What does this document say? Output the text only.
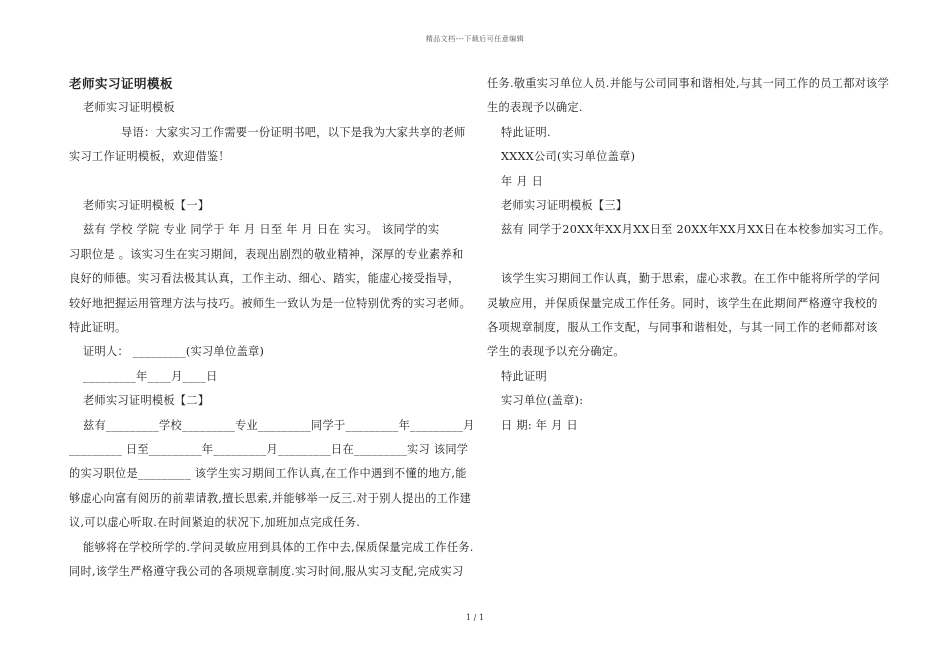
精品文档---下载后可任意编辑

老师实习证明模板

老师实习证明模板

导语：大家实习工作需要一份证明书吧，以下是我为大家共享的老师

实习工作证明模板，欢迎借鉴！

老师实习证明模板【一】

兹有 学校 学院 专业 同学于 年 月 日至 年 月 日在 实习。 该同学的实

习职位是 。该实习生在实习期间，表现出剧烈的敬业精神，深厚的专业素养和

良好的师德。实习看法极其认真，工作主动、细心、踏实，能虚心接受指导，

较好地把握运用管理方法与技巧。被师生一致认为是一位特别优秀的实习老师。

特此证明。

证明人： _________(实习单位盖章)

_________年____月____日

老师实习证明模板【二】

兹有_________学校_________专业_________同学于_________年_________月

_________ 日至_________年_________月_________日在_________实习 该同学

的实习职位是_________ 该学生实习期间工作认真,在工作中遇到不懂的地方,能

够虚心向富有阅历的前辈请教,擅长思索,并能够举一反三.对于别人提出的工作建

议,可以虚心听取.在时间紧迫的状况下,加班加点完成任务.

能够将在学校所学的.学问灵敏应用到具体的工作中去,保质保量完成工作任务.

同时,该学生严格遵守我公司的各项规章制度.实习时间,服从实习支配,完成实习

任务.敬重实习单位人员.并能与公司同事和谐相处,与其一同工作的员工都对该学

生的表现予以确定.

特此证明.

XXXX公司(实习单位盖章)

年 月 日

老师实习证明模板【三】

兹有 同学于20XX年XX月XX日至 20XX年XX月XX日在本校参加实习工作。

该学生实习期间工作认真，勤于思索，虚心求教。在工作中能将所学的学问

灵敏应用，并保质保量完成工作任务。同时，该学生在此期间严格遵守我校的

各项规章制度，服从工作支配，与同事和谐相处，与其一同工作的老师都对该

学生的表现予以充分确定。

特此证明

实习单位(盖章):

日 期: 年 月 日

1 / 1
